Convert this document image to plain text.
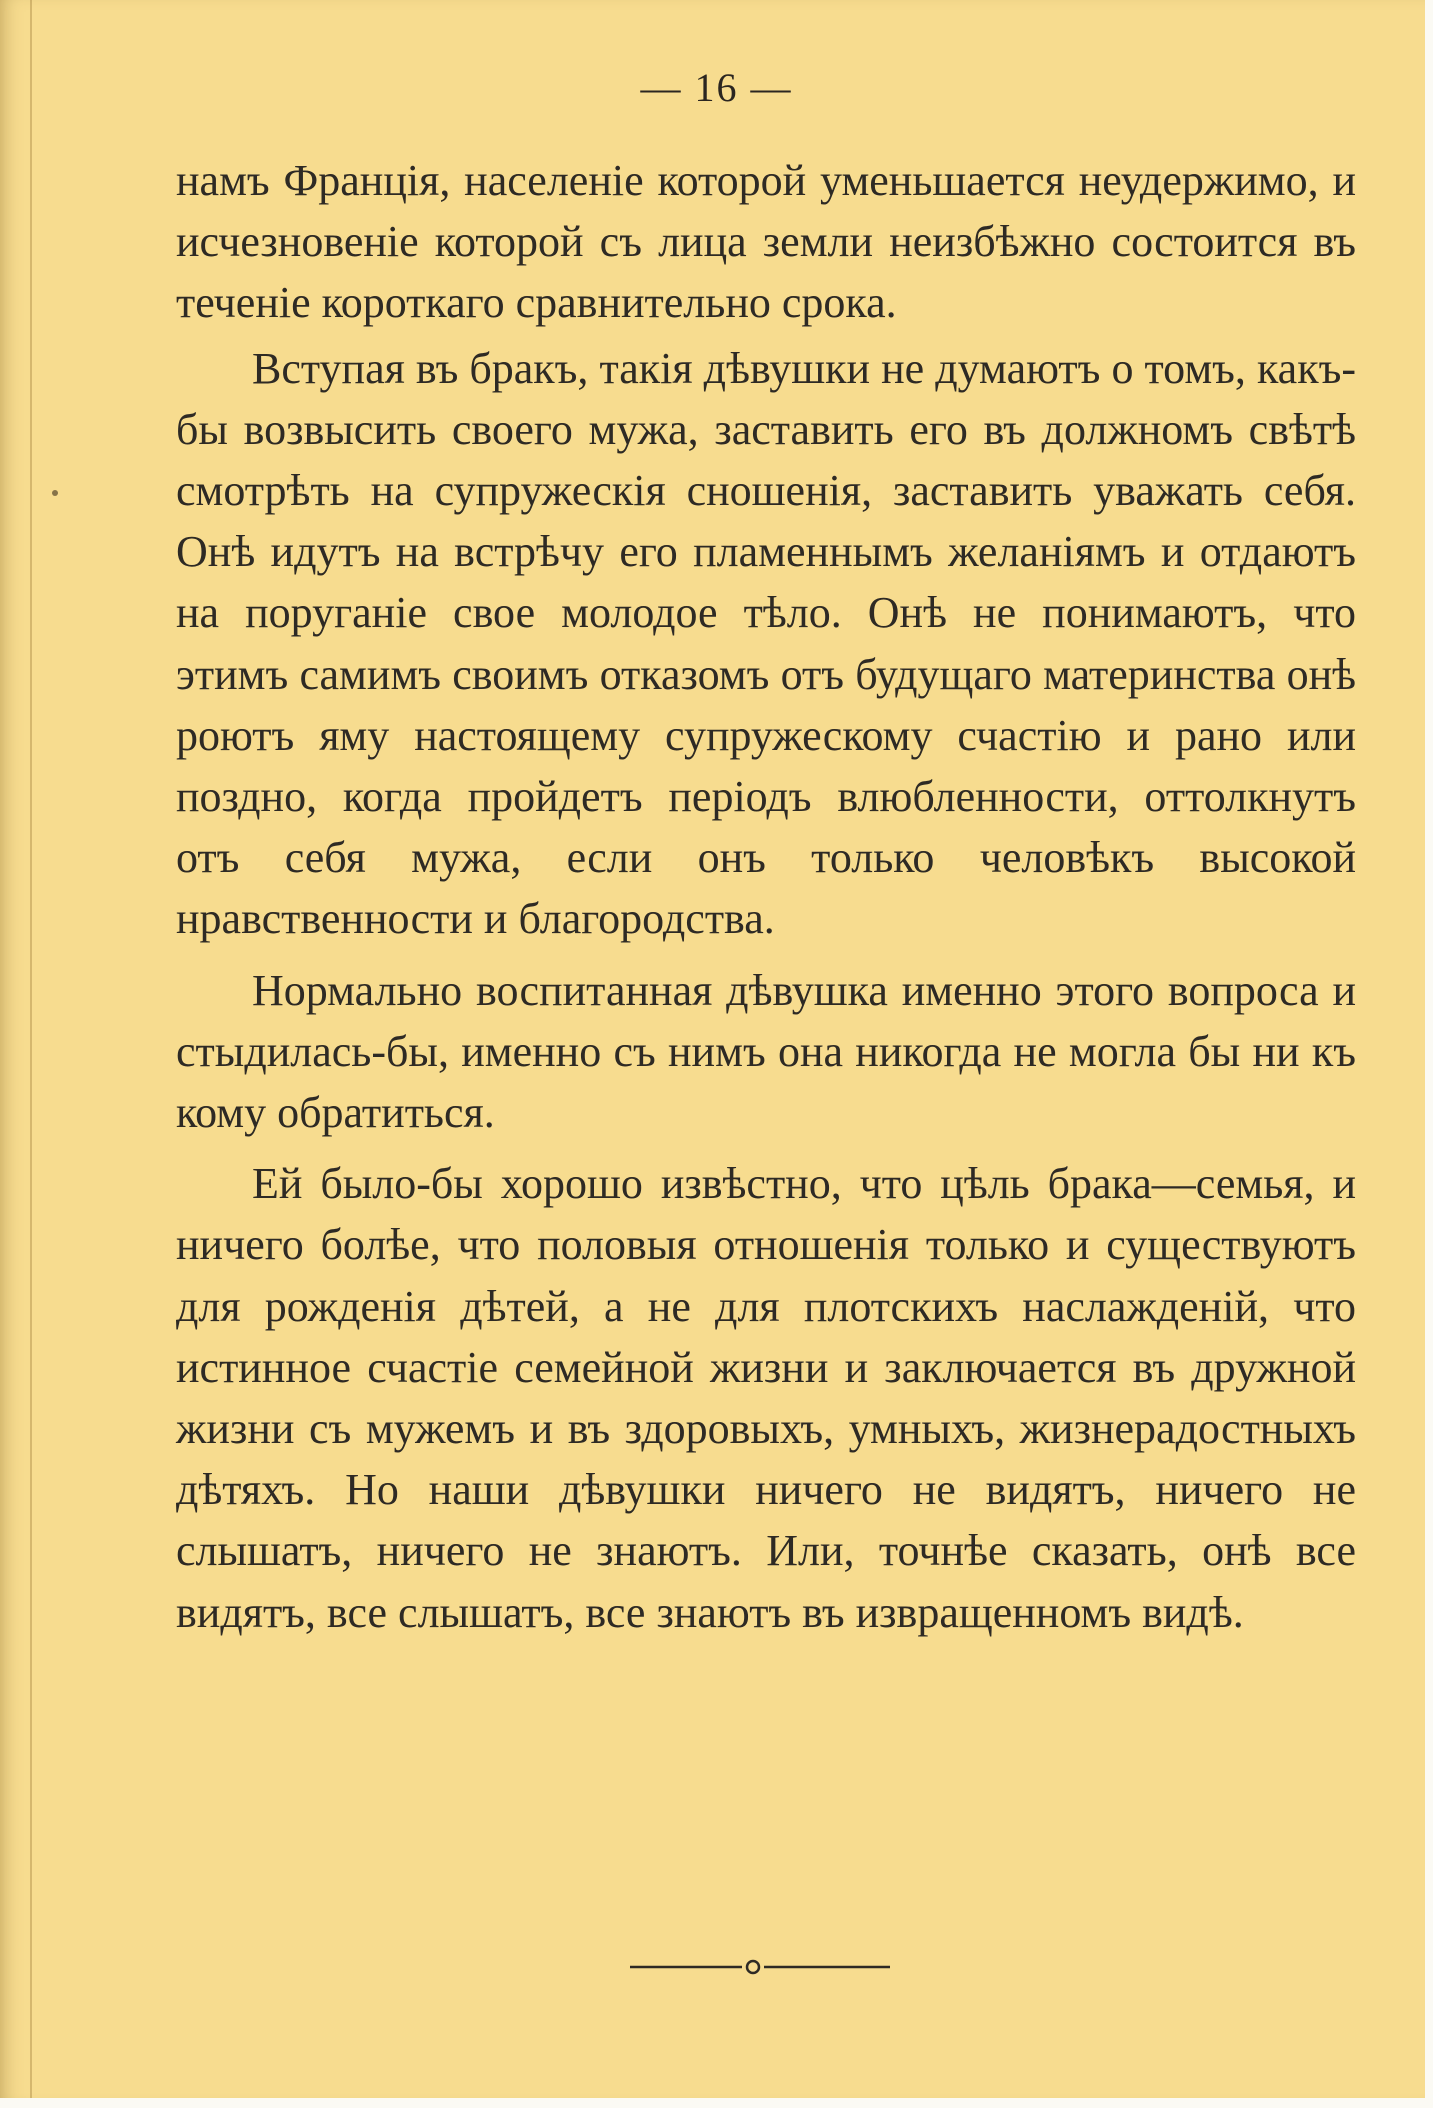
— 16 —

намъ Франція, населеніе которой уменьшается неудержимо, и исчезновеніе которой съ лица земли неизбѣжно состоится въ теченіе короткаго сравнительно срока.

Вступая въ бракъ, такія дѣвушки не думаютъ о томъ, какъ-бы возвысить своего мужа, заставить его въ должномъ свѣтѣ смотрѣть на супружескія сношенія, заставить уважать себя. Онѣ идутъ на встрѣчу его пламеннымъ желаніямъ и отдаютъ на поруганіе свое молодое тѣло. Онѣ не понимаютъ, что этимъ самимъ своимъ отказомъ отъ будущаго материнства онѣ роютъ яму настоящему супружескому счастію и рано или поздно, когда пройдетъ періодъ влюбленности, оттолкнутъ отъ себя мужа, если онъ только человѣкъ высокой нравственности и благородства.

Нормально воспитанная дѣвушка именно этого вопроса и стыдилась-бы, именно съ нимъ она никогда не могла бы ни къ кому обратиться.

Ей было-бы хорошо извѣстно, что цѣль брака—семья, и ничего болѣе, что половыя отношенія только и существуютъ для рожденія дѣтей, а не для плотскихъ наслажденій, что истинное счастіе семейной жизни и заключается въ дружной жизни съ мужемъ и въ здоровыхъ, умныхъ, жизнерадостныхъ дѣтяхъ. Но наши дѣвушки ничего не видятъ, ничего не слышатъ, ничего не знаютъ. Или, точнѣе сказать, онѣ все видятъ, все слышатъ, все знаютъ въ извращенномъ видѣ.
